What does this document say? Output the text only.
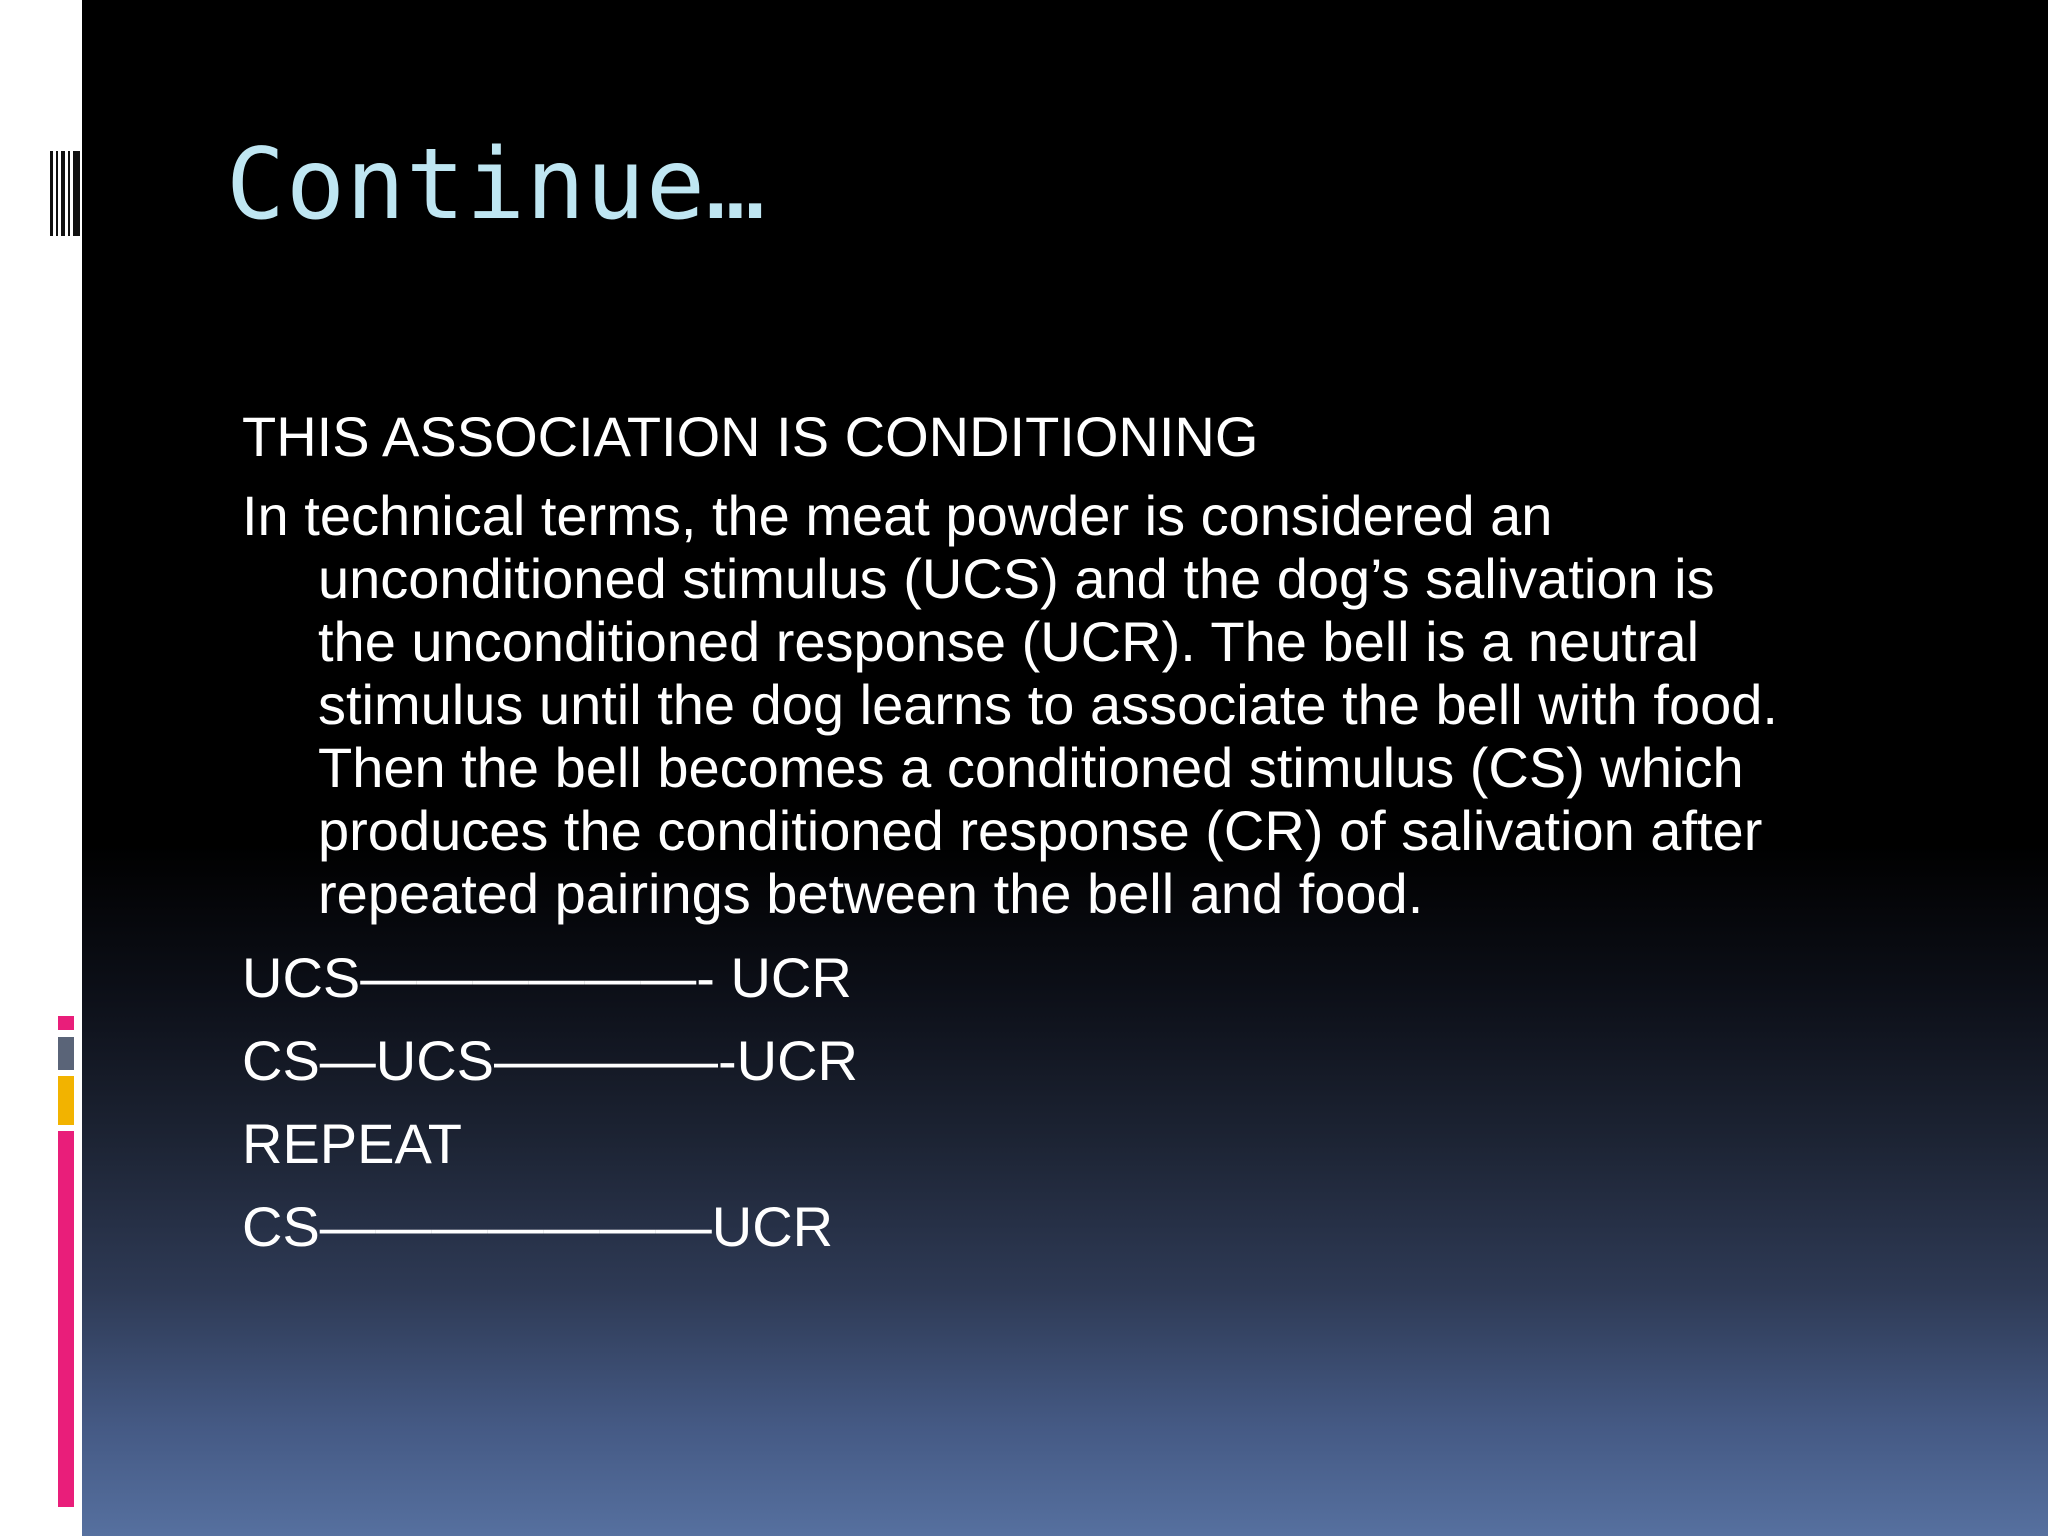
Continue…

THIS ASSOCIATION IS CONDITIONING

In technical terms, the meat powder is considered an
unconditioned stimulus (UCS) and the dog’s salivation is
the unconditioned response (UCR). The bell is a neutral
stimulus until the dog learns to associate the bell with food.
Then the bell becomes a conditioned stimulus (CS) which
produces the conditioned response (CR) of salivation after
repeated pairings between the bell and food.

UCS——————- UCR

CS—UCS————-UCR

REPEAT

CS———————UCR
